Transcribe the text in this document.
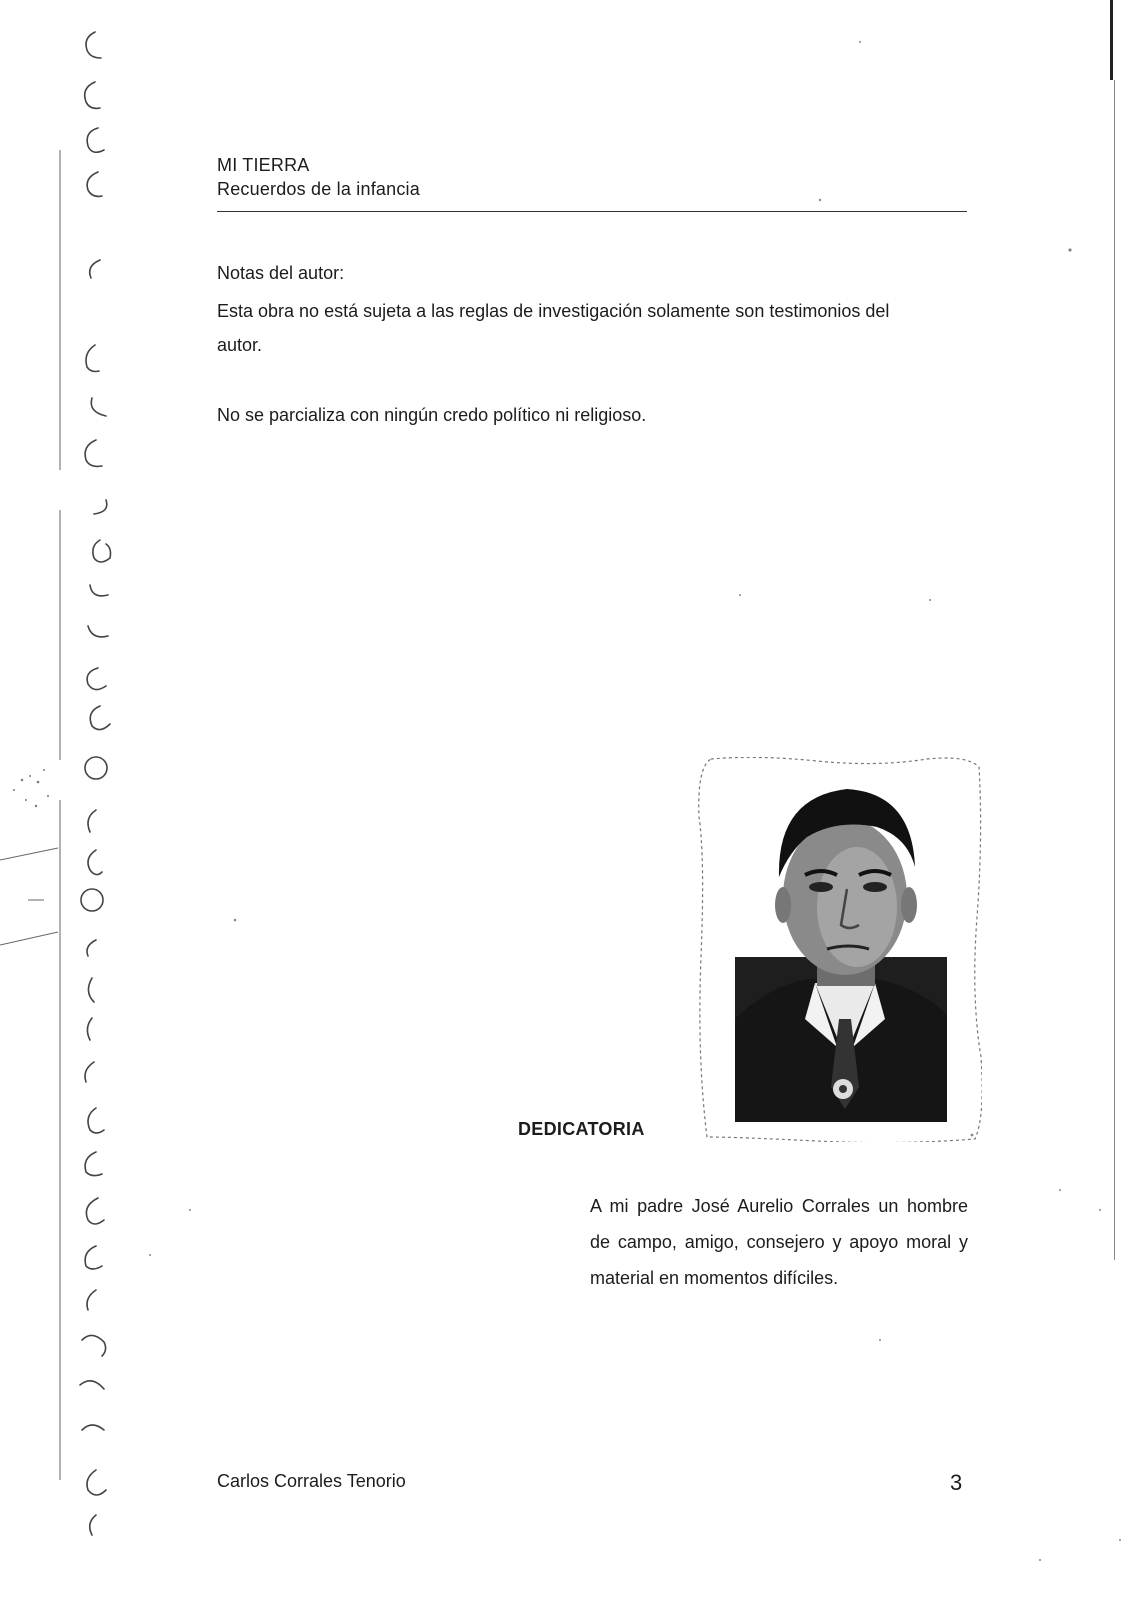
MI TIERRA
Recuerdos de la infancia
Notas del autor:

Esta obra no está sujeta a las reglas de investigación solamente son testimonios del autor.

No se parcializa con ningún credo político ni religioso.
DEDICATORIA
A mi padre José Aurelio Corrales un hombre de campo, amigo, consejero y apoyo moral y material en momentos difíciles.
Carlos Corrales Tenorio	3
